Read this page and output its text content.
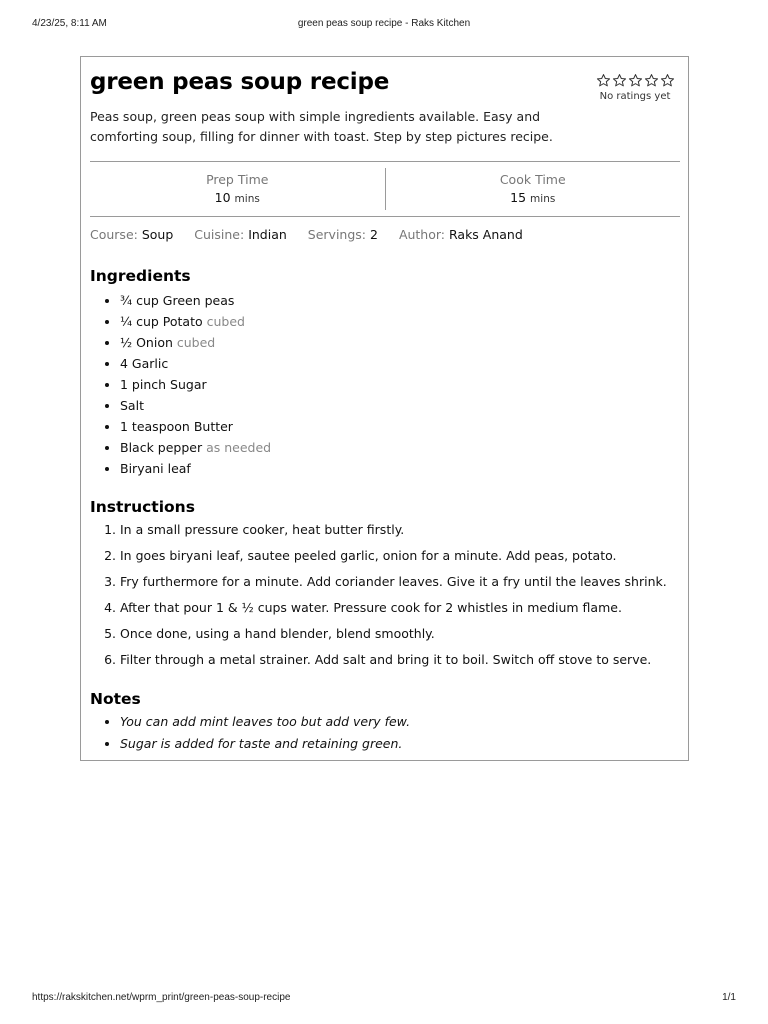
4/23/25, 8:11 AM	green peas soup recipe - Raks Kitchen
green peas soup recipe
No ratings yet

Peas soup, green peas soup with simple ingredients available. Easy and comforting soup, filling for dinner with toast. Step by step pictures recipe.

Prep Time
10 mins
Cook Time
15 mins
Course: Soup Cuisine: Indian Servings: 2 Author: Raks Anand
Ingredients
• ¾ cup Green peas
• ¼ cup Potato cubed
• ½ Onion cubed
• 4 Garlic
• 1 pinch Sugar
• Salt
• 1 teaspoon Butter
• Black pepper as needed
• Biryani leaf
Instructions
1. In a small pressure cooker, heat butter firstly.
2. In goes biryani leaf, sautee peeled garlic, onion for a minute. Add peas, potato.
3. Fry furthermore for a minute. Add coriander leaves. Give it a fry until the leaves shrink.
4. After that pour 1 & ½ cups water. Pressure cook for 2 whistles in medium flame.
5. Once done, using a hand blender, blend smoothly.
6. Filter through a metal strainer. Add salt and bring it to boil. Switch off stove to serve.
Notes
• You can add mint leaves too but add very few.
• Sugar is added for taste and retaining green.
https://rakskitchen.net/wprm_print/green-peas-soup-recipe	1/1
